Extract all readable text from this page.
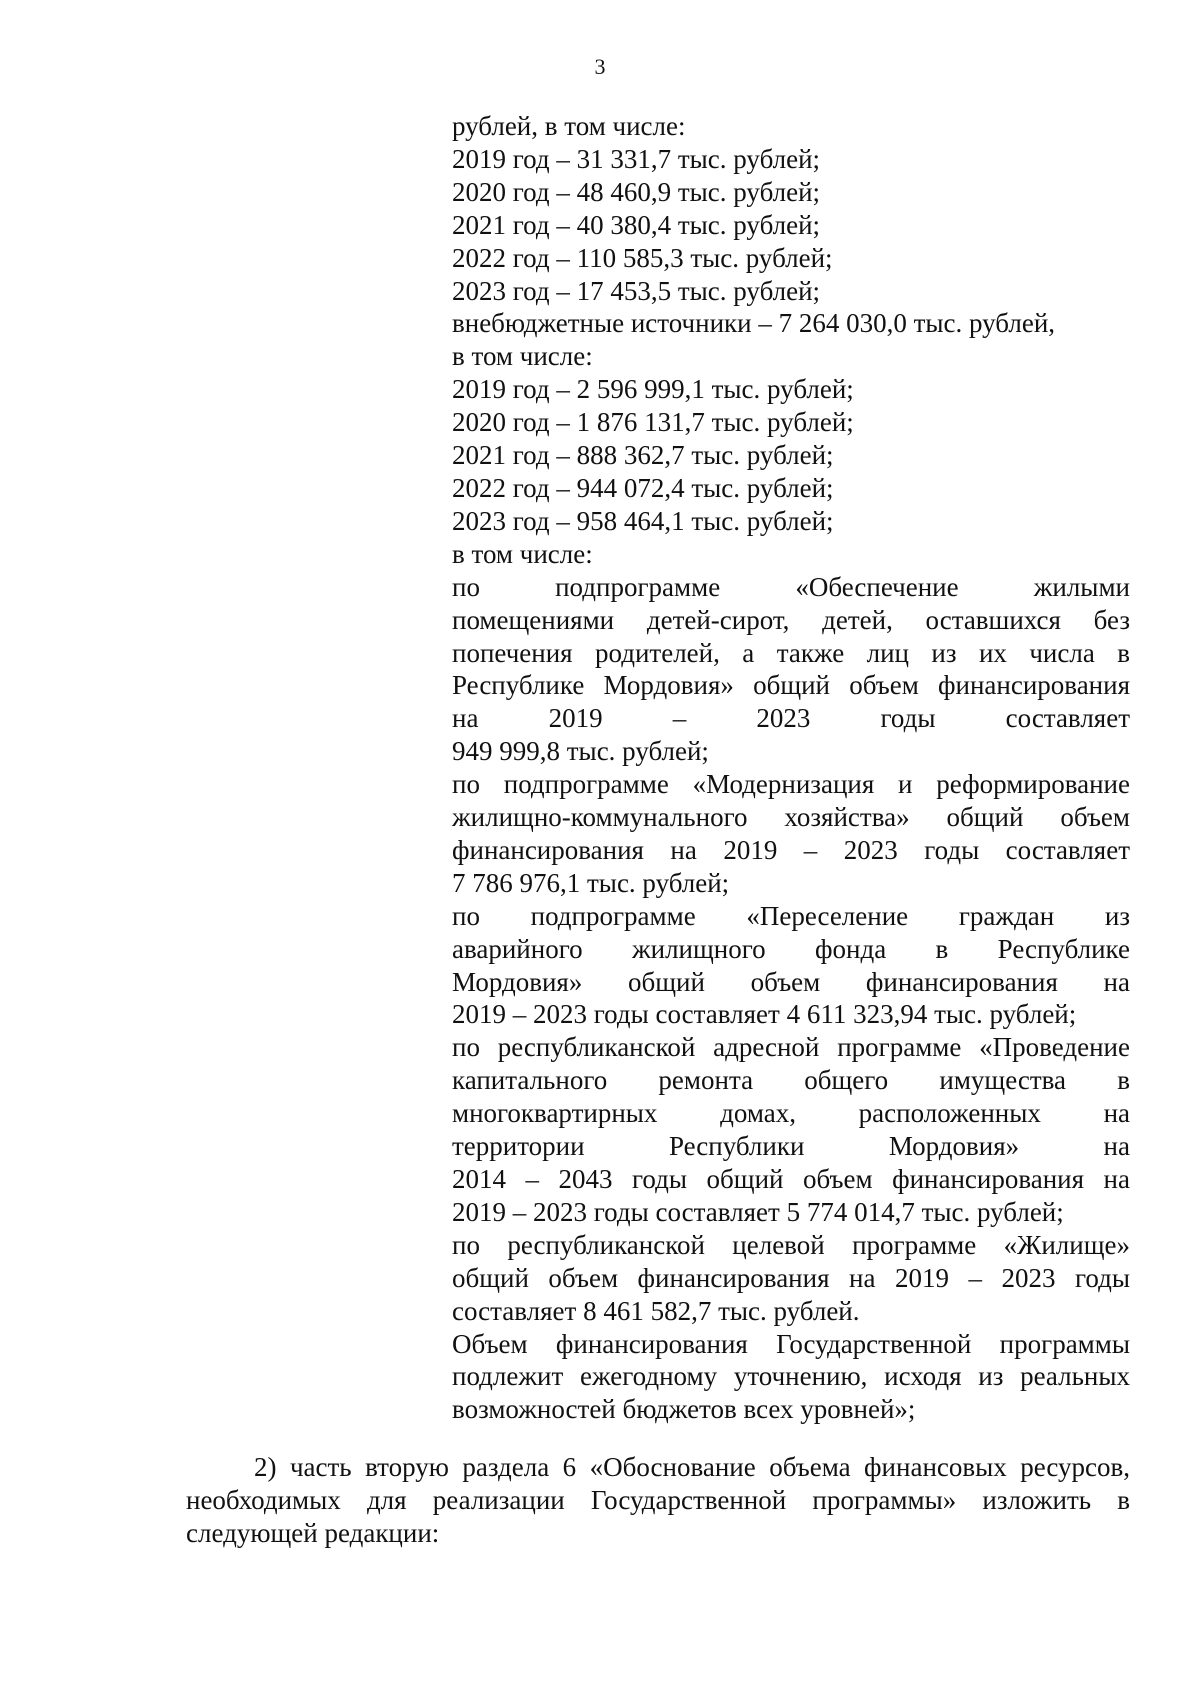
3
рублей, в том числе:
2019 год – 31 331,7 тыс. рублей;
2020 год – 48 460,9 тыс. рублей;
2021 год – 40 380,4 тыс. рублей;
2022 год – 110 585,3 тыс. рублей;
2023 год – 17 453,5 тыс. рублей;
внебюджетные источники – 7 264 030,0 тыс. рублей,
в том числе:
2019 год – 2 596 999,1 тыс. рублей;
2020 год – 1 876 131,7 тыс. рублей;
2021 год – 888 362,7 тыс. рублей;
2022 год – 944 072,4 тыс. рублей;
2023 год – 958 464,1 тыс. рублей;
в том числе:
по подпрограмме «Обеспечение жилыми
помещениями детей-сирот, детей, оставшихся без
попечения родителей, а также лиц из их числа в
Республике Мордовия» общий объем финансирования
на 2019 – 2023 годы составляет
949 999,8 тыс. рублей;
по подпрограмме «Модернизация и реформирование
жилищно-коммунального хозяйства» общий объем
финансирования на 2019 – 2023 годы составляет
7 786 976,1 тыс. рублей;
по подпрограмме «Переселение граждан из
аварийного жилищного фонда в Республике
Мордовия» общий объем финансирования на
2019 – 2023 годы составляет 4 611 323,94 тыс. рублей;
по республиканской адресной программе «Проведение
капитального ремонта общего имущества в
многоквартирных домах, расположенных на
территории Республики Мордовия» на
2014 – 2043 годы общий объем финансирования на
2019 – 2023 годы составляет 5 774 014,7 тыс. рублей;
по республиканской целевой программе «Жилище»
общий объем финансирования на 2019 – 2023 годы
составляет 8 461 582,7 тыс. рублей.
Объем финансирования Государственной программы
подлежит ежегодному уточнению, исходя из реальных
возможностей бюджетов всех уровней»;
2) часть вторую раздела 6 «Обоснование объема финансовых ресурсов,
необходимых для реализации Государственной программы» изложить в
следующей редакции:
